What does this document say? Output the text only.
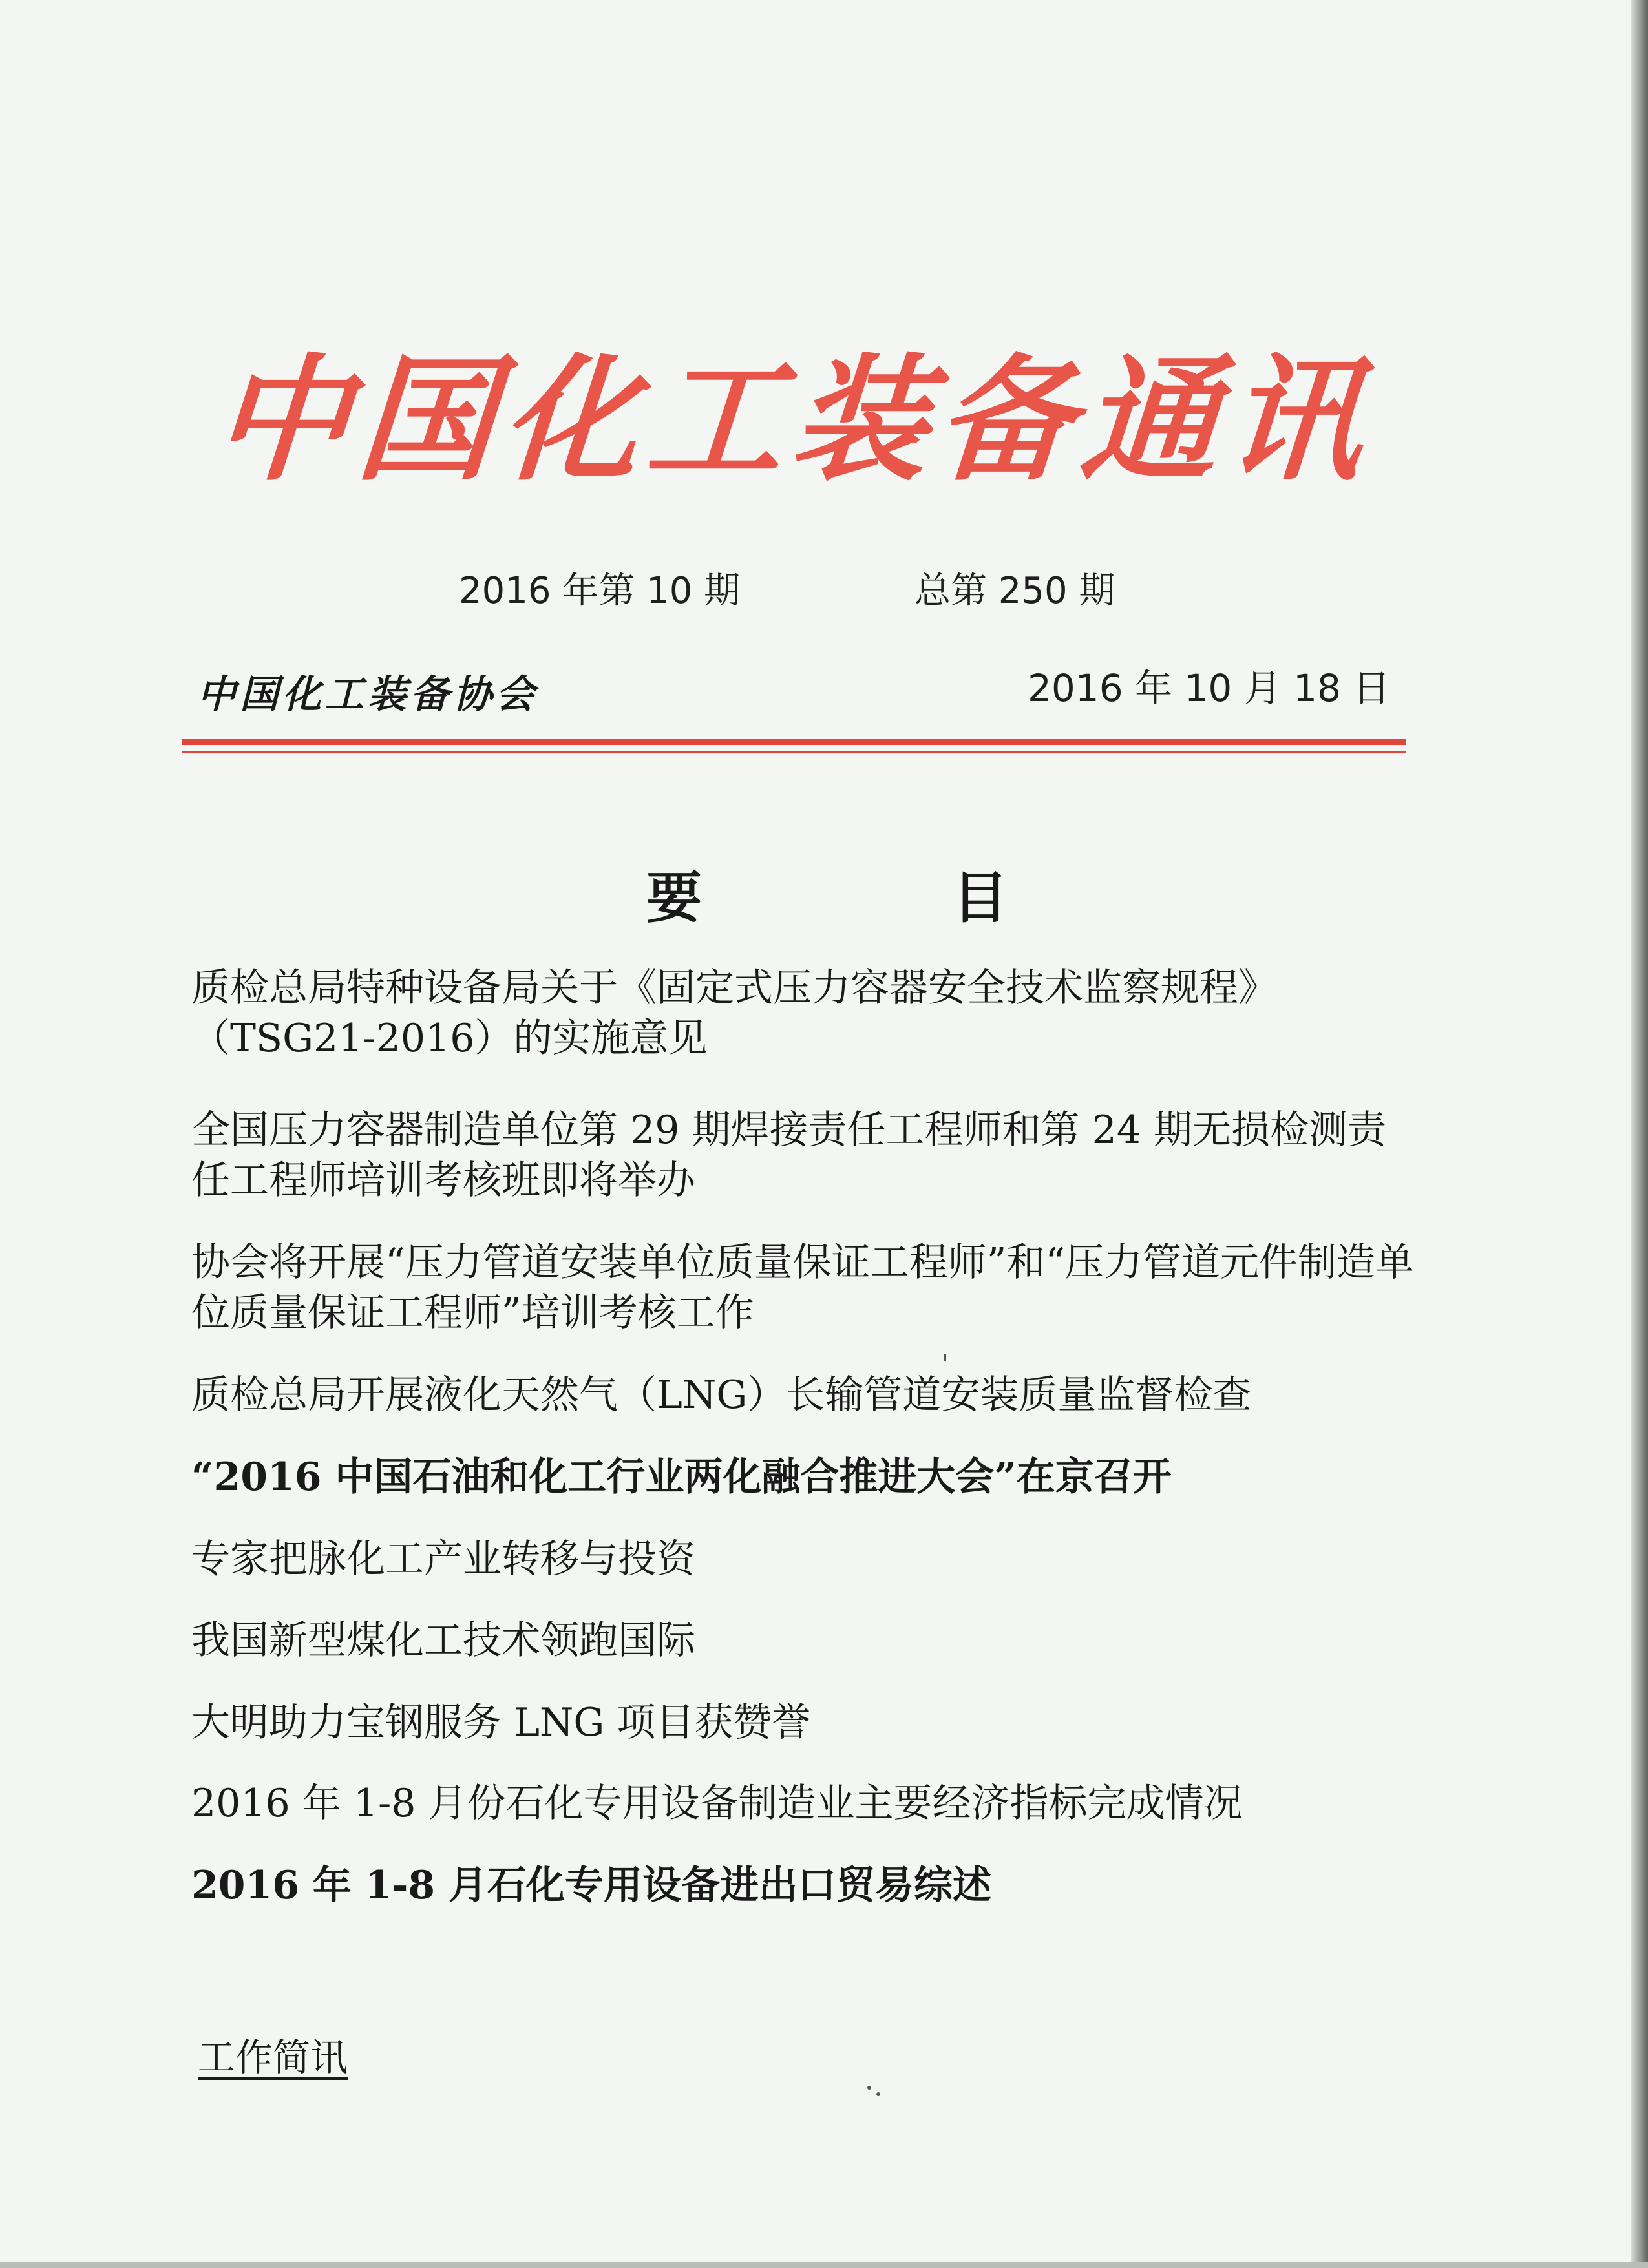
中国化工装备通讯
2016 年第 10 期	总第 250 期
中国化工装备协会	2016 年 10 月 18 日
要	目
质检总局特种设备局关于《固定式压力容器安全技术监察规程》（TSG21-2016）的实施意见
全国压力容器制造单位第 29 期焊接责任工程师和第 24 期无损检测责任工程师培训考核班即将举办
协会将开展“压力管道安装单位质量保证工程师”和“压力管道元件制造单位质量保证工程师”培训考核工作
质检总局开展液化天然气（LNG）长输管道安装质量监督检查
“2016 中国石油和化工行业两化融合推进大会”在京召开
专家把脉化工产业转移与投资
我国新型煤化工技术领跑国际
大明助力宝钢服务 LNG 项目获赞誉
2016 年 1-8 月份石化专用设备制造业主要经济指标完成情况
2016 年 1-8 月石化专用设备进出口贸易综述
工作简讯
